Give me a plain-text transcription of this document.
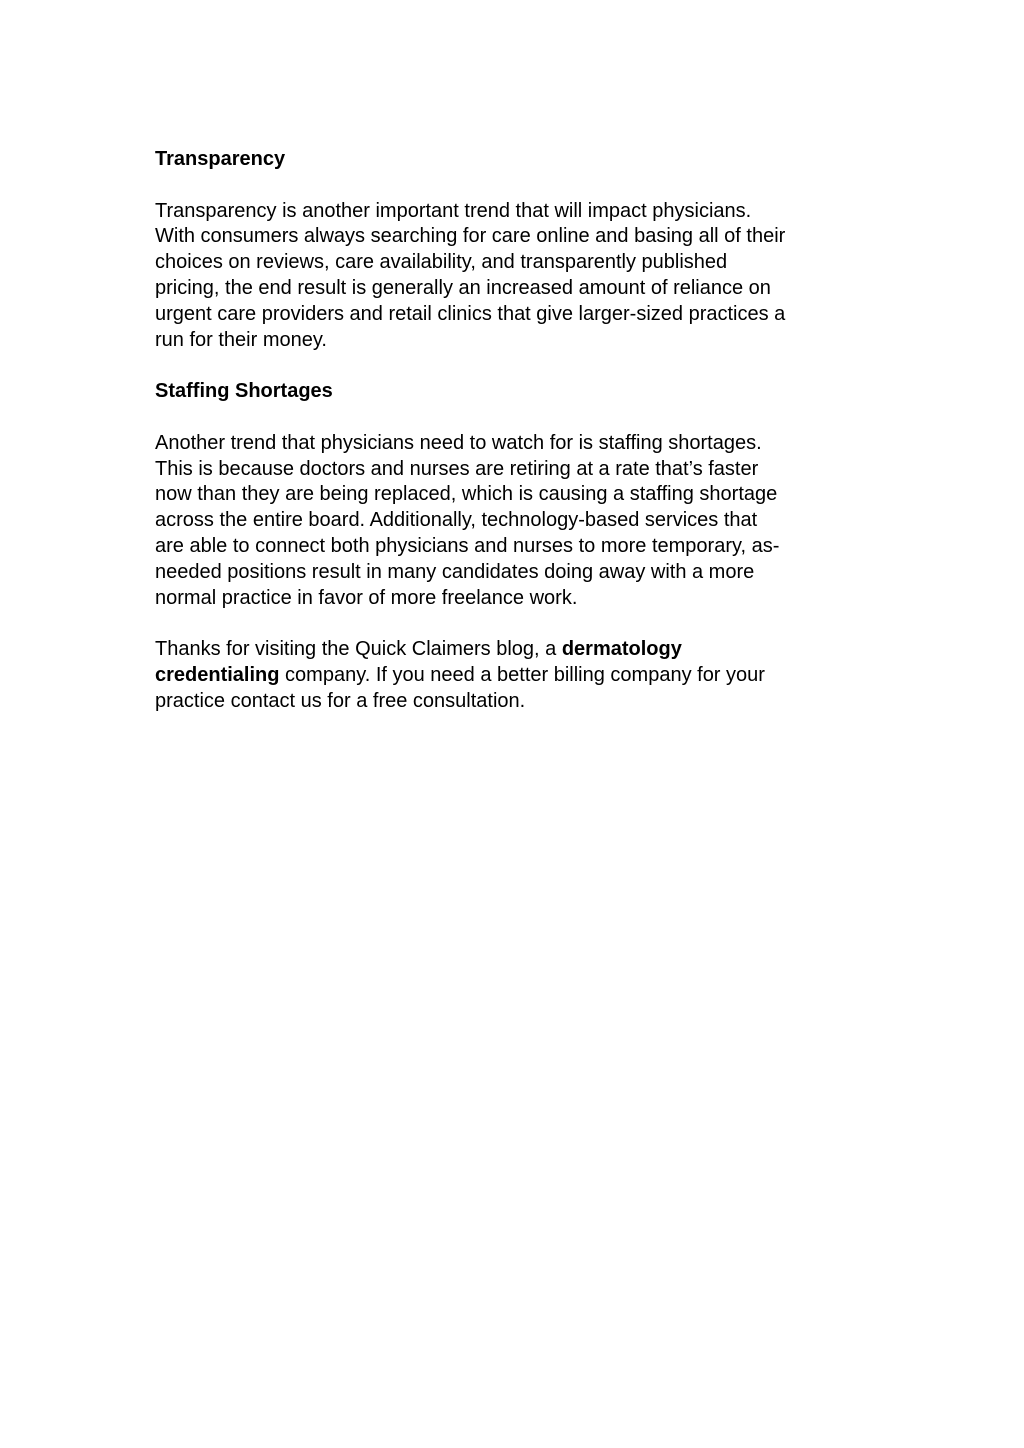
Transparency

Transparency is another important trend that will impact physicians.
With consumers always searching for care online and basing all of their
choices on reviews, care availability, and transparently published
pricing, the end result is generally an increased amount of reliance on
urgent care providers and retail clinics that give larger-sized practices a
run for their money.

Staffing Shortages

Another trend that physicians need to watch for is staffing shortages.
This is because doctors and nurses are retiring at a rate that’s faster
now than they are being replaced, which is causing a staffing shortage
across the entire board. Additionally, technology-based services that
are able to connect both physicians and nurses to more temporary, as-
needed positions result in many candidates doing away with a more
normal practice in favor of more freelance work.

Thanks for visiting the Quick Claimers blog, a dermatology
credentialing company. If you need a better billing company for your
practice contact us for a free consultation.
